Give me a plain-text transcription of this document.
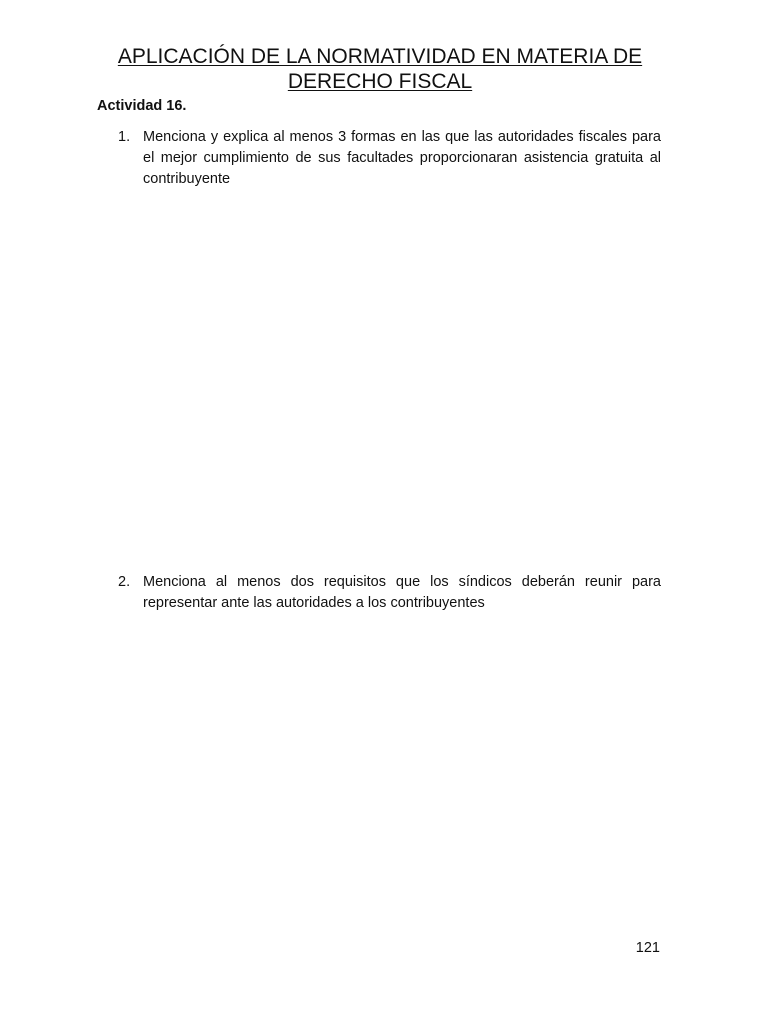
APLICACIÓN DE LA NORMATIVIDAD EN MATERIA DE
DERECHO FISCAL

Actividad 16.

1. Menciona y explica al menos 3 formas en las que las autoridades fiscales para el mejor cumplimiento de sus facultades proporcionaran asistencia gratuita al contribuyente
2. Menciona al menos dos requisitos que los síndicos deberán reunir para representar ante las autoridades a los contribuyentes
121
